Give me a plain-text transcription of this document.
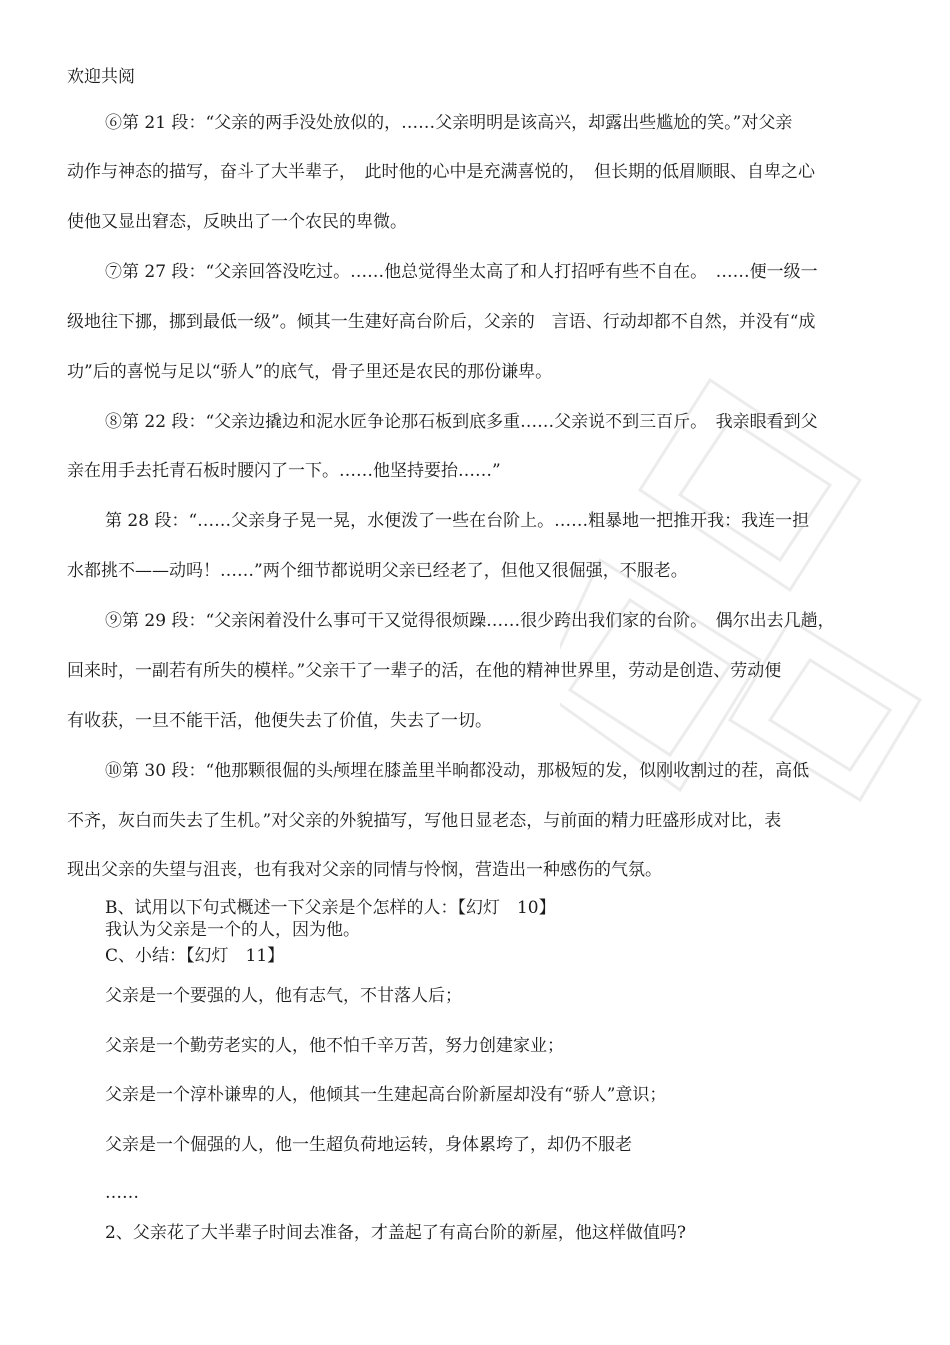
欢迎共阅
⑥第 21 段：“父亲的两手没处放似的，……父亲明明是该高兴，却露出些尴尬的笑。”对父亲
动作与神态的描写，奋斗了大半辈子，　此时他的心中是充满喜悦的，　但长期的低眉顺眼、自卑之心
使他又显出窘态，反映出了一个农民的卑微。
⑦第 27 段：“父亲回答没吃过。……他总觉得坐太高了和人打招呼有些不自在。　……便一级一
级地往下挪，挪到最低一级”。倾其一生建好高台阶后，父亲的　言语、行动却都不自然，并没有“成
功”后的喜悦与足以“骄人”的底气，骨子里还是农民的那份谦卑。
⑧第 22 段：“父亲边撬边和泥水匠争论那石板到底多重……父亲说不到三百斤。　我亲眼看到父
亲在用手去托青石板时腰闪了一下。……他坚持要抬……”
第 28 段：“……父亲身子晃一晃，水便泼了一些在台阶上。……粗暴地一把推开我：我连一担
水都挑不——动吗！……”两个细节都说明父亲已经老了，但他又很倔强，不服老。
⑨第 29 段：“父亲闲着没什么事可干又觉得很烦躁……很少跨出我们家的台阶。　偶尔出去几趟，
回来时，一副若有所失的模样。”父亲干了一辈子的活，在他的精神世界里，劳动是创造、劳动便
有收获，一旦不能干活，他便失去了价值，失去了一切。
⑩第 30 段：“他那颗很倔的头颅埋在膝盖里半晌都没动，那极短的发，似刚收割过的茬，高低
不齐，灰白而失去了生机。”对父亲的外貌描写，写他日显老态，与前面的精力旺盛形成对比，表
现出父亲的失望与沮丧，也有我对父亲的同情与怜悯，营造出一种感伤的气氛。
B、试用以下句式概述一下父亲是个怎样的人：【幻灯　10】
我认为父亲是一个的人，因为他。
C、小结：【幻灯　11】
父亲是一个要强的人，他有志气，不甘落人后；
父亲是一个勤劳老实的人，他不怕千辛万苦，努力创建家业；
父亲是一个淳朴谦卑的人，他倾其一生建起高台阶新屋却没有“骄人”意识；
父亲是一个倔强的人，他一生超负荷地运转，身体累垮了，却仍不服老
……
2、父亲花了大半辈子时间去准备，才盖起了有高台阶的新屋，他这样做值吗?
